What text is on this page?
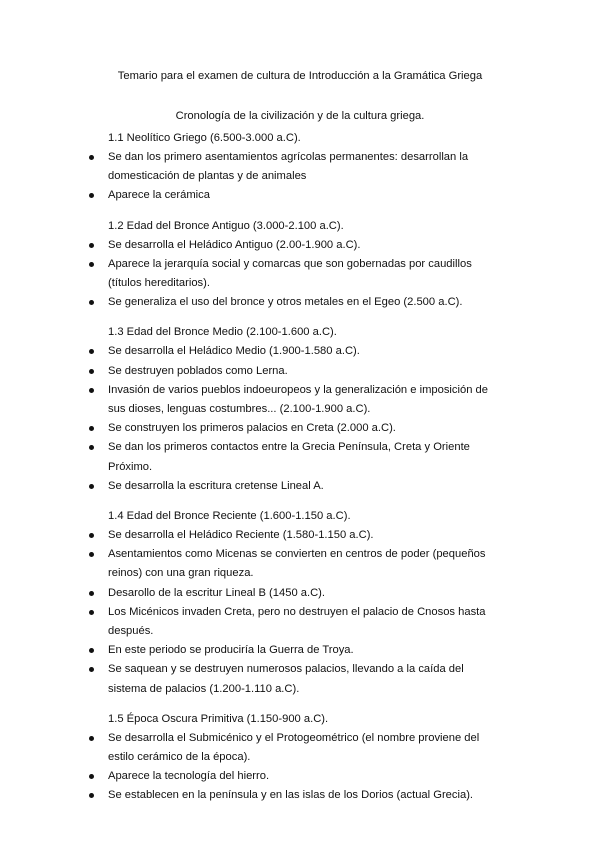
Temario para el examen de cultura de Introducción a la Gramática Griega
Cronología de la civilización y de la cultura griega.
1.1 Neolítico Griego (6.500-3.000 a.C).
Se dan los primero asentamientos agrícolas permanentes: desarrollan la domesticación de plantas y de animales
Aparece la cerámica
1.2 Edad del Bronce Antiguo (3.000-2.100 a.C).
Se desarrolla el Heládico Antiguo (2.00-1.900 a.C).
Aparece la jerarquía social y comarcas que son gobernadas por caudillos (títulos hereditarios).
Se generaliza el uso del bronce y otros metales en el Egeo (2.500 a.C).
1.3 Edad del Bronce Medio (2.100-1.600 a.C).
Se desarrolla el Heládico Medio (1.900-1.580 a.C).
Se destruyen poblados como Lerna.
Invasión de varios pueblos indoeuropeos y la generalización e imposición de sus dioses, lenguas costumbres... (2.100-1.900 a.C).
Se construyen los primeros palacios en Creta (2.000 a.C).
Se dan los primeros contactos entre la Grecia Península, Creta y Oriente Próximo.
Se desarrolla la escritura cretense Lineal A.
1.4 Edad del Bronce Reciente (1.600-1.150 a.C).
Se desarrolla el Heládico Reciente (1.580-1.150 a.C).
Asentamientos como Micenas se convierten en centros de poder (pequeños reinos) con una gran riqueza.
Desarollo de la escritur Lineal B (1450 a.C).
Los Micénicos invaden Creta, pero no destruyen el palacio de Cnosos hasta después.
En este periodo se produciría la Guerra de Troya.
Se saquean y se destruyen numerosos palacios, llevando a la caída del sistema de palacios (1.200-1.110 a.C).
1.5 Época Oscura Primitiva (1.150-900 a.C).
Se desarrolla el Submicénico y el Protogeométrico (el nombre proviene del estilo cerámico de la época).
Aparece la tecnología del hierro.
Se establecen en la península y en las islas de los Dorios (actual Grecia).
